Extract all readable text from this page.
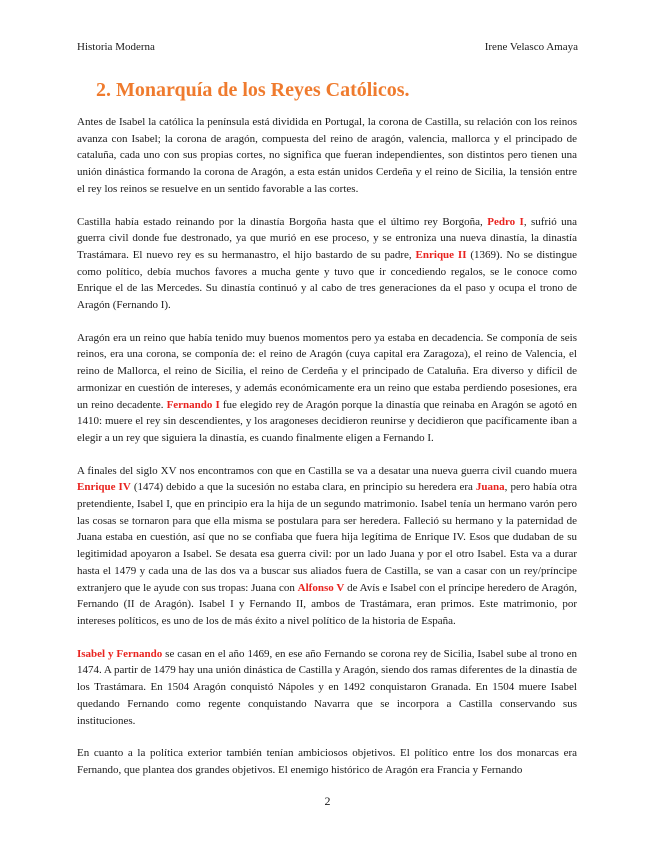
Historia Moderna	Irene Velasco Amaya
2. Monarquía de los Reyes Católicos.

Antes de Isabel la católica la península está dividida en Portugal, la corona de Castilla, su relación con los reinos avanza con Isabel; la corona de aragón, compuesta del reino de aragón, valencia, mallorca y el principado de cataluña, cada uno con sus propias cortes, no significa que fueran independientes, son distintos pero tienen una unión dinástica formando la corona de Aragón, a esta están unidos Cerdeña y el reino de Sicilia, la tensión entre el rey los reinos se resuelve en un sentido favorable a las cortes.

Castilla había estado reinando por la dinastía Borgoña hasta que el último rey Borgoña, Pedro I, sufrió una guerra civil donde fue destronado, ya que murió en ese proceso, y se entroniza una nueva dinastía, la dinastía Trastámara. El nuevo rey es su hermanastro, el hijo bastardo de su padre, Enrique II (1369). No se distingue como político, debía muchos favores a mucha gente y tuvo que ir concediendo regalos, se le conoce como Enrique el de las Mercedes. Su dinastía continuó y al cabo de tres generaciones da el paso y ocupa el trono de Aragón (Fernando I).

Aragón era un reino que había tenido muy buenos momentos pero ya estaba en decadencia. Se componía de seis reinos, era una corona, se componía de: el reino de Aragón (cuya capital era Zaragoza), el reino de Valencia, el reino de Mallorca, el reino de Sicilia, el reino de Cerdeña y el principado de Cataluña. Era diverso y difícil de armonizar en cuestión de intereses, y además económicamente era un reino que estaba perdiendo posesiones, era un reino decadente. Fernando I fue elegido rey de Aragón porque la dinastía que reinaba en Aragón se agotó en 1410: muere el rey sin descendientes, y los aragoneses decidieron reunirse y decidieron que pacíficamente iban a elegir a un rey que siguiera la dinastía, es cuando finalmente eligen a Fernando I.

A finales del siglo XV nos encontramos con que en Castilla se va a desatar una nueva guerra civil cuando muera Enrique IV (1474) debido a que la sucesión no estaba clara, en principio su heredera era Juana, pero había otra pretendiente, Isabel I, que en principio era la hija de un segundo matrimonio. Isabel tenía un hermano varón pero las cosas se tornaron para que ella misma se postulara para ser heredera. Falleció su hermano y la paternidad de Juana estaba en cuestión, así que no se confiaba que fuera hija legítima de Enrique IV. Esos que dudaban de su legitimidad apoyaron a Isabel. Se desata esa guerra civil: por un lado Juana y por el otro Isabel. Esta va a durar hasta el 1479 y cada una de las dos va a buscar sus aliados fuera de Castilla, se van a casar con un rey/príncipe extranjero que le ayude con sus tropas: Juana con Alfonso V de Avís e Isabel con el príncipe heredero de Aragón, Fernando (II de Aragón). Isabel I y Fernando II, ambos de Trastámara, eran primos. Este matrimonio, por intereses políticos, es uno de los de más éxito a nivel político de la historia de España.

Isabel y Fernando se casan en el año 1469, en ese año Fernando se corona rey de Sicilia, Isabel sube al trono en 1474. A partir de 1479 hay una unión dinástica de Castilla y Aragón, siendo dos ramas diferentes de la dinastía de los Trastámara. En 1504 Aragón conquistó Nápoles y en 1492 conquistaron Granada. En 1504 muere Isabel quedando Fernando como regente conquistando Navarra que se incorpora a Castilla conservando sus instituciones.

En cuanto a la política exterior también tenían ambiciosos objetivos. El político entre los dos monarcas era Fernando, que plantea dos grandes objetivos. El enemigo histórico de Aragón era Francia y Fernando

2
